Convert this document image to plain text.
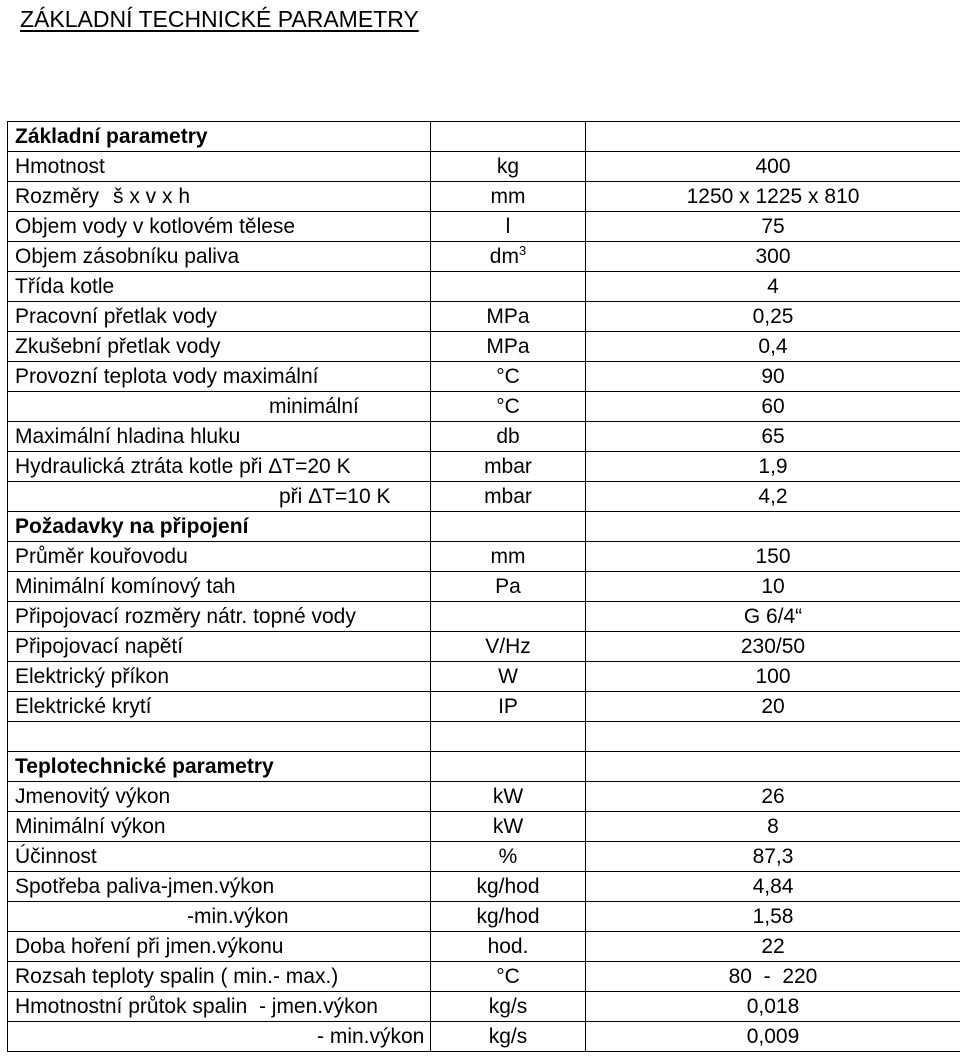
ZÁKLADNÍ TECHNICKÉ PARAMETRY
Základní parametry		
Hmotnost	kg	400
Rozměry š x v x h	mm	1250 x 1225 x 810
Objem vody v kotlovém tělese	l	75
Objem zásobníku paliva	$dm^3$	300
Třída kotle		4
Pracovní přetlak vody	MPa	0,25
Zkušební přetlak vody	MPa	0,4
Provozní teplota vody maximální	°C	90
minimální	°C	60
Maximální hladina hluku	db	65
Hydraulická ztráta kotle při ΔT=20 K	mbar	1,9
při ΔT=10 K	mbar	4,2
Požadavky na připojení		
Průměr kouřovodu	mm	150
Minimální komínový tah	Pa	10
Připojovací rozměry nátr. topné vody		G 6/4“
Připojovací napětí	V/Hz	230/50
Elektrický příkon	W	100
Elektrické krytí	IP	20

Teplotechnické parametry		
Jmenovitý výkon	kW	26
Minimální výkon	kW	8
Účinnost	%	87,3
Spotřeba paliva-jmen.výkon	kg/hod	4,84
-min.výkon	kg/hod	1,58
Doba hoření při jmen.výkonu	hod.	22
Rozsah teploty spalin ( min.- max.)	°C	80  -  220
Hmotnostní průtok spalin  - jmen.výkon	kg/s	0,018
- min.výkon	kg/s	0,009
